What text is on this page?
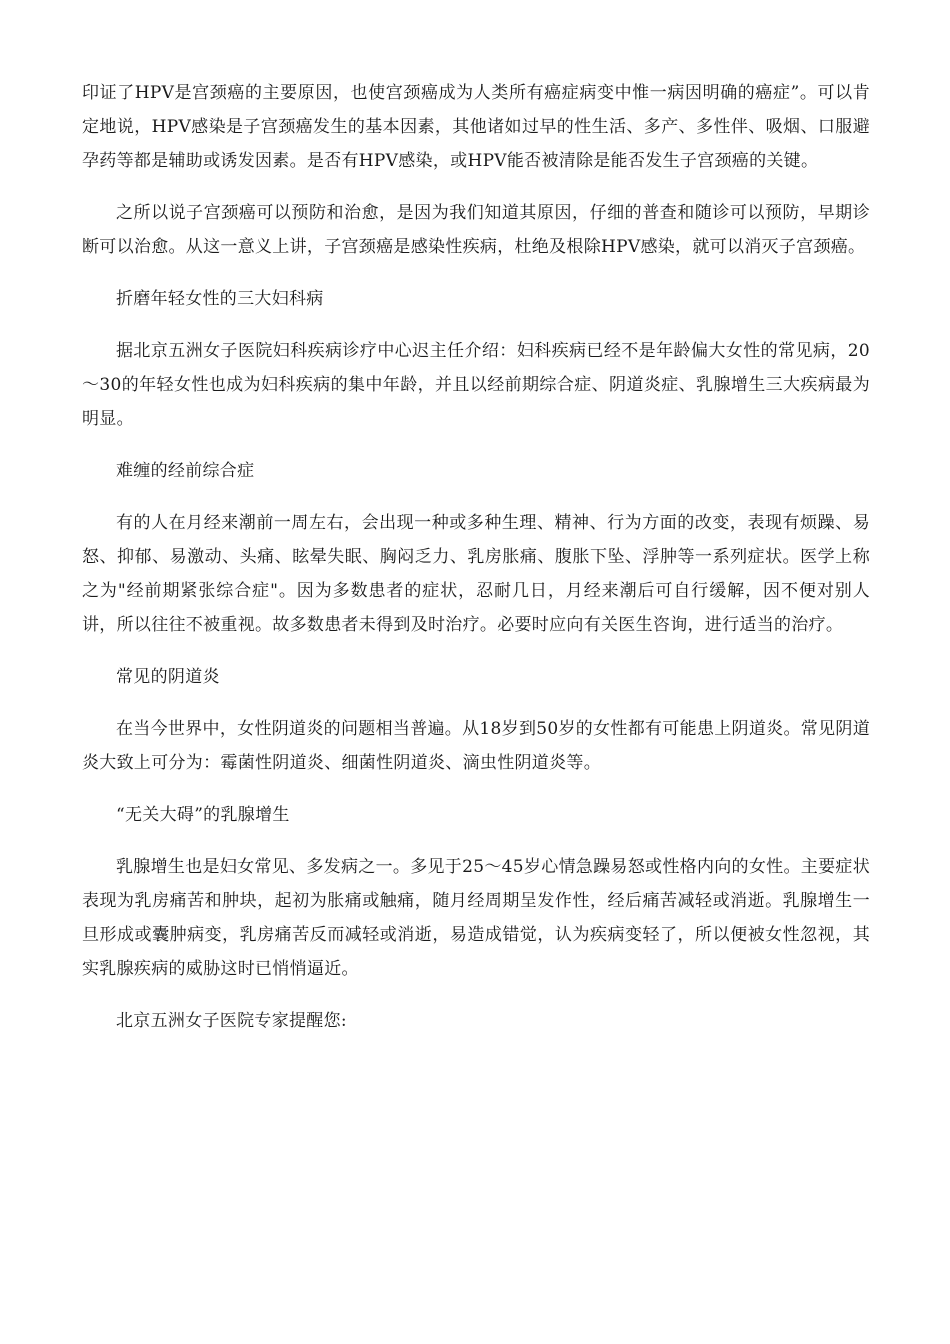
印证了HPV是宫颈癌的主要原因，也使宫颈癌成为人类所有癌症病变中惟一病因明确的癌症”。可以肯定地说，HPV感染是子宫颈癌发生的基本因素，其他诸如过早的性生活、多产、多性伴、吸烟、口服避孕药等都是辅助或诱发因素。是否有HPV感染，或HPV能否被清除是能否发生子宫颈癌的关键。

之所以说子宫颈癌可以预防和治愈，是因为我们知道其原因，仔细的普查和随诊可以预防，早期诊断可以治愈。从这一意义上讲，子宫颈癌是感染性疾病，杜绝及根除HPV感染，就可以消灭子宫颈癌。

折磨年轻女性的三大妇科病

据北京五洲女子医院妇科疾病诊疗中心迟主任介绍：妇科疾病已经不是年龄偏大女性的常见病，20～30的年轻女性也成为妇科疾病的集中年龄，并且以经前期综合症、阴道炎症、乳腺增生三大疾病最为明显。

难缠的经前综合症

有的人在月经来潮前一周左右，会出现一种或多种生理、精神、行为方面的改变，表现有烦躁、易怒、抑郁、易激动、头痛、眩晕失眠、胸闷乏力、乳房胀痛、腹胀下坠、浮肿等一系列症状。医学上称之为"经前期紧张综合症"。因为多数患者的症状，忍耐几日，月经来潮后可自行缓解，因不便对别人讲，所以往往不被重视。故多数患者未得到及时治疗。必要时应向有关医生咨询，进行适当的治疗。

常见的阴道炎

在当今世界中，女性阴道炎的问题相当普遍。从18岁到50岁的女性都有可能患上阴道炎。常见阴道炎大致上可分为：霉菌性阴道炎、细菌性阴道炎、滴虫性阴道炎等。

“无关大碍”的乳腺增生

乳腺增生也是妇女常见、多发病之一。多见于25～45岁心情急躁易怒或性格内向的女性。主要症状表现为乳房痛苦和肿块，起初为胀痛或触痛，随月经周期呈发作性，经后痛苦减轻或消逝。乳腺增生一旦形成或囊肿病变，乳房痛苦反而减轻或消逝，易造成错觉，认为疾病变轻了，所以便被女性忽视，其实乳腺疾病的威胁这时已悄悄逼近。

北京五洲女子医院专家提醒您:
